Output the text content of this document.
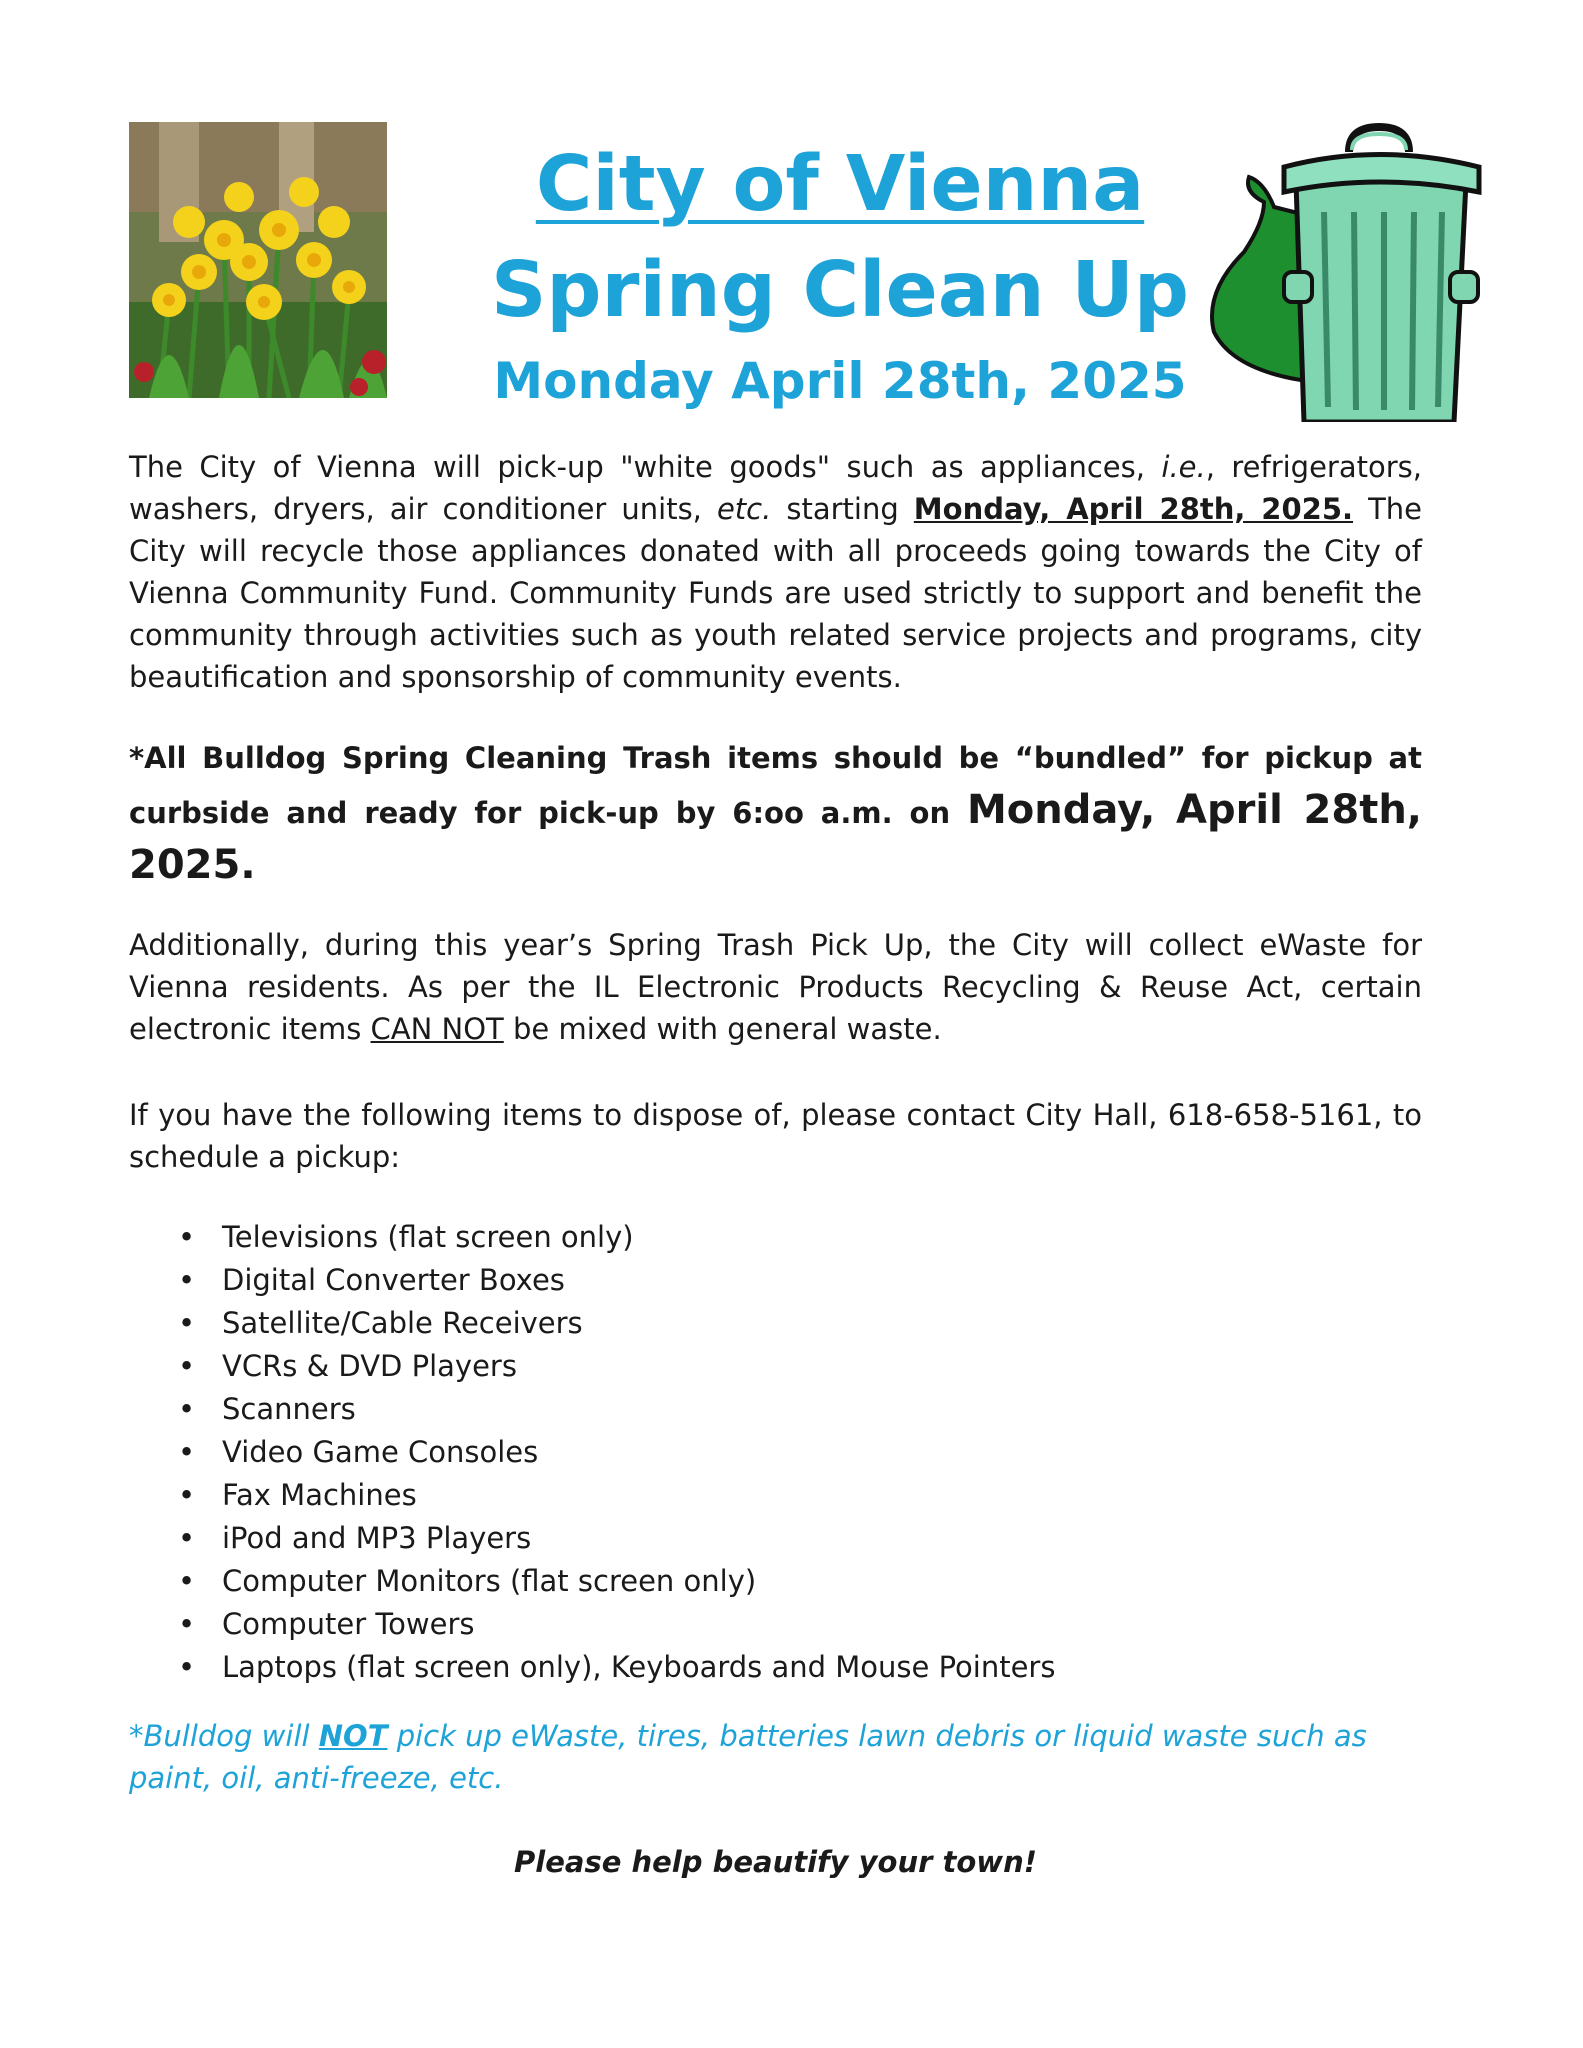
City of Vienna
Spring Clean Up
Monday April 28th, 2025

The City of Vienna will pick-up "white goods" such as appliances, i.e., refrigerators, washers, dryers, air conditioner units, etc. starting Monday, April 28th, 2025. The City will recycle those appliances donated with all proceeds going towards the City of Vienna Community Fund. Community Funds are used strictly to support and benefit the community through activities such as youth related service projects and programs, city beautification and sponsorship of community events.

*All Bulldog Spring Cleaning Trash items should be “bundled” for pickup at curbside and ready for pick-up by 6:oo a.m. on Monday, April 28th, 2025.

Additionally, during this year’s Spring Trash Pick Up, the City will collect eWaste for Vienna residents. As per the IL Electronic Products Recycling & Reuse Act, certain electronic items CAN NOT be mixed with general waste.

If you have the following items to dispose of, please contact City Hall, 618-658-5161, to schedule a pickup:

• Televisions (flat screen only)
• Digital Converter Boxes
• Satellite/Cable Receivers
• VCRs & DVD Players
• Scanners
• Video Game Consoles
• Fax Machines
• iPod and MP3 Players
• Computer Monitors (flat screen only)
• Computer Towers
• Laptops (flat screen only), Keyboards and Mouse Pointers

*Bulldog will NOT pick up eWaste, tires, batteries lawn debris or liquid waste such as paint, oil, anti-freeze, etc.

Please help beautify your town!
